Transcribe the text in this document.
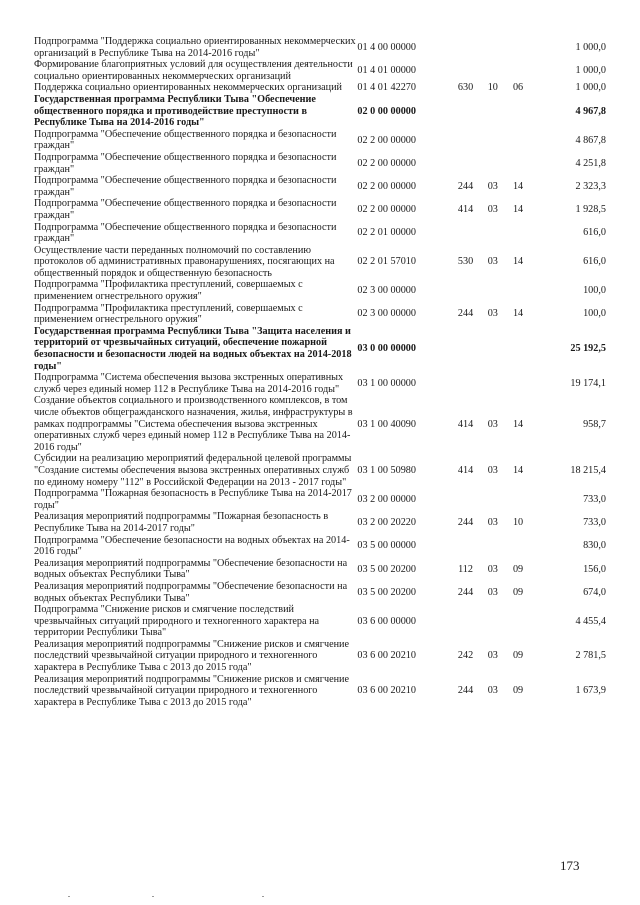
Подпрограмма "Поддержка социально ориентированных некоммерческих организаций в Республике Тыва на 2014-2016 годы"	01 4 00 00000				1 000,0
Формирование благоприятных условий для осуществления деятельности социально ориентированных некоммерческих организаций	01 4 01 00000				1 000,0
Поддержка социально ориентированных некоммерческих организаций	01 4 01 42270	630	10	06	1 000,0
Государственная программа Республики Тыва "Обеспечение общественного порядка и противодействие преступности в Республике Тыва на 2014-2016 годы"	02 0 00 00000				4 967,8
Подпрограмма "Обеспечение общественного порядка и безопасности граждан"	02 2 00 00000				4 867,8
Подпрограмма "Обеспечение общественного порядка и безопасности граждан"	02 2 00 00000				4 251,8
Подпрограмма "Обеспечение общественного порядка и безопасности граждан"	02 2 00 00000	244	03	14	2 323,3
Подпрограмма "Обеспечение общественного порядка и безопасности граждан"	02 2 00 00000	414	03	14	1 928,5
Подпрограмма "Обеспечение общественного порядка и безопасности граждан"	02 2 01 00000				616,0
Осуществление части переданных полномочий по составлению протоколов об административных правонарушениях, посягающих на общественный порядок и общественную безопасность	02 2 01 57010	530	03	14	616,0
Подпрограмма "Профилактика преступлений, совершаемых с применением огнестрельного оружия"	02 3 00 00000				100,0
Подпрограмма "Профилактика преступлений, совершаемых с применением огнестрельного оружия"	02 3 00 00000	244	03	14	100,0
Государственная программа Республики Тыва "Защита населения и территорий от чрезвычайных ситуаций, обеспечение пожарной безопасности и безопасности людей на водных объектах на 2014-2018 годы"	03 0 00 00000				25 192,5
Подпрограмма "Система обеспечения вызова экстренных оперативных служб через единый номер 112 в Республике Тыва на 2014-2016 годы"	03 1 00 00000				19 174,1
Создание объектов социального и производственного комплексов, в том числе объектов общегражданского назначения, жилья, инфраструктуры в рамках подпрограммы "Система обеспечения вызова экстренных оперативных служб через единый номер 112 в Республике Тыва на 2014-2016 годы"	03 1 00 40090	414	03	14	958,7
Субсидии на реализацию мероприятий федеральной целевой программы "Создание системы обеспечения вызова экстренных оперативных служб по единому номеру "112" в Российской Федерации на 2013 - 2017 годы"	03 1 00 50980	414	03	14	18 215,4
Подпрограмма "Пожарная безопасность в Республике Тыва на 2014-2017 годы"	03 2 00 00000				733,0
Реализация мероприятий подпрограммы "Пожарная безопасность в Республике Тыва на 2014-2017 годы"	03 2 00 20220	244	03	10	733,0
Подпрограмма "Обеспечение безопасности на водных объектах на 2014-2016 годы"	03 5 00 00000				830,0
Реализация мероприятий подпрограммы "Обеспечение безопасности на водных объектах Республики Тыва"	03 5 00 20200	112	03	09	156,0
Реализация мероприятий подпрограммы "Обеспечение безопасности на водных объектах Республики Тыва"	03 5 00 20200	244	03	09	674,0
Подпрограмма "Снижение рисков и смягчение последствий чрезвычайных ситуаций природного и техногенного характера на территории Республики Тыва"	03 6 00 00000				4 455,4
Реализация мероприятий подпрограммы "Снижение рисков и смягчение последствий чрезвычайной ситуации природного и техногенного характера в Республике Тыва с 2013 до 2015 года"	03 6 00 20210	242	03	09	2 781,5
Реализация мероприятий подпрограммы "Снижение рисков и смягчение последствий чрезвычайной ситуации природного и техногенного характера в Республике Тыва с 2013 до 2015 года"	03 6 00 20210	244	03	09	1 673,9
173
